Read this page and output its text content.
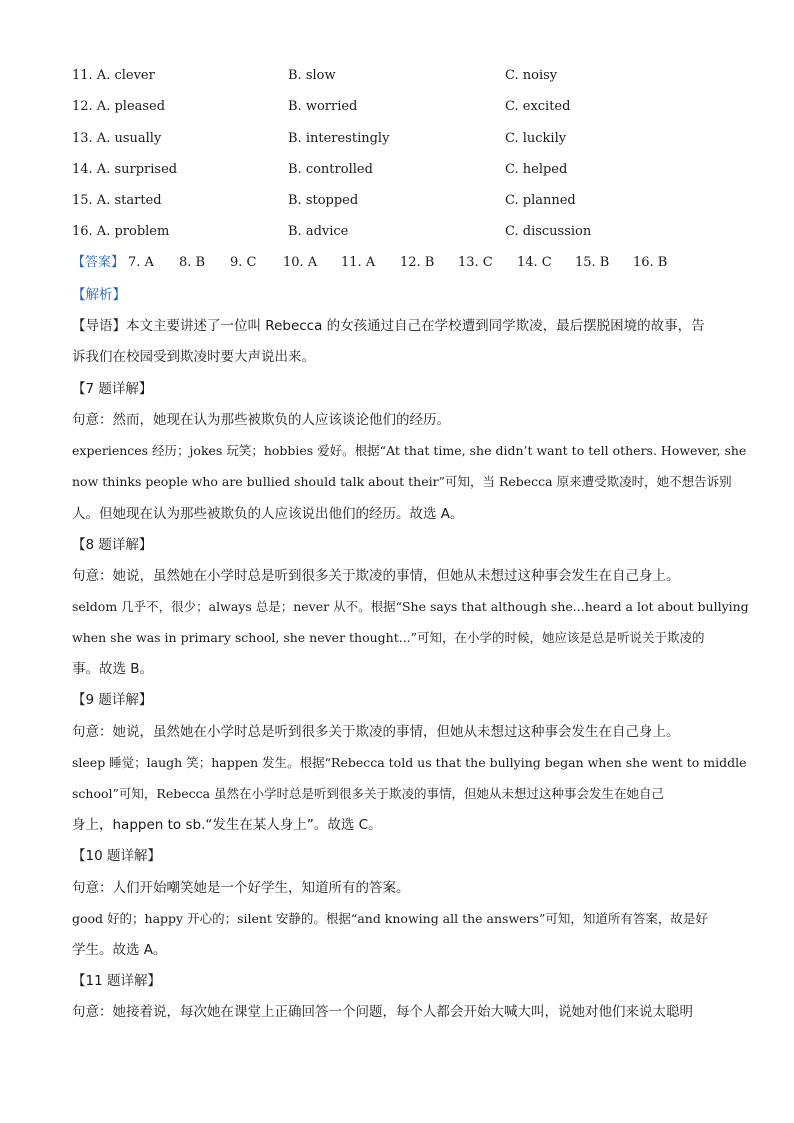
11. A. clever	B. slow	C. noisy
12. A. pleased	B. worried	C. excited
13. A. usually	B. interestingly	C. luckily
14. A. surprised	B. controlled	C. helped
15. A. started	B. stopped	C. planned
16. A. problem	B. advice	C. discussion
【答案】 7. A 8. B 9. C 10. A 11. A 12. B 13. C 14. C 15. B 16. B
【解析】
【导语】本文主要讲述了一位叫 Rebecca 的女孩通过自己在学校遭到同学欺凌，最后摆脱困境的故事，告
诉我们在校园受到欺凌时要大声说出来。
【7 题详解】
句意：然而，她现在认为那些被欺负的人应该谈论他们的经历。
experiences 经历；jokes 玩笑；hobbies 爱好。根据“At that time, she didn’t want to tell others. However, she
now thinks people who are bullied should talk about their”可知，当 Rebecca 原来遭受欺凌时，她不想告诉别
人。但她现在认为那些被欺负的人应该说出他们的经历。故选 A。
【8 题详解】
句意：她说，虽然她在小学时总是听到很多关于欺凌的事情，但她从未想过这种事会发生在自己身上。
seldom 几乎不，很少；always 总是；never 从不。根据“She says that although she...heard a lot about bullying
when she was in primary school, she never thought...”可知，在小学的时候，她应该是总是听说关于欺凌的
事。故选 B。
【9 题详解】
句意：她说，虽然她在小学时总是听到很多关于欺凌的事情，但她从未想过这种事会发生在自己身上。
sleep 睡觉；laugh 笑；happen 发生。根据“Rebecca told us that the bullying began when she went to middle
school”可知，Rebecca 虽然在小学时总是听到很多关于欺凌的事情，但她从未想过这种事会发生在她自己
身上，happen to sb.“发生在某人身上”。故选 C。
【10 题详解】
句意：人们开始嘲笑她是一个好学生，知道所有的答案。
good 好的；happy 开心的；silent 安静的。根据“and knowing all the answers”可知，知道所有答案，故是好
学生。故选 A。
【11 题详解】
句意：她接着说，每次她在课堂上正确回答一个问题，每个人都会开始大喊大叫，说她对他们来说太聪明
